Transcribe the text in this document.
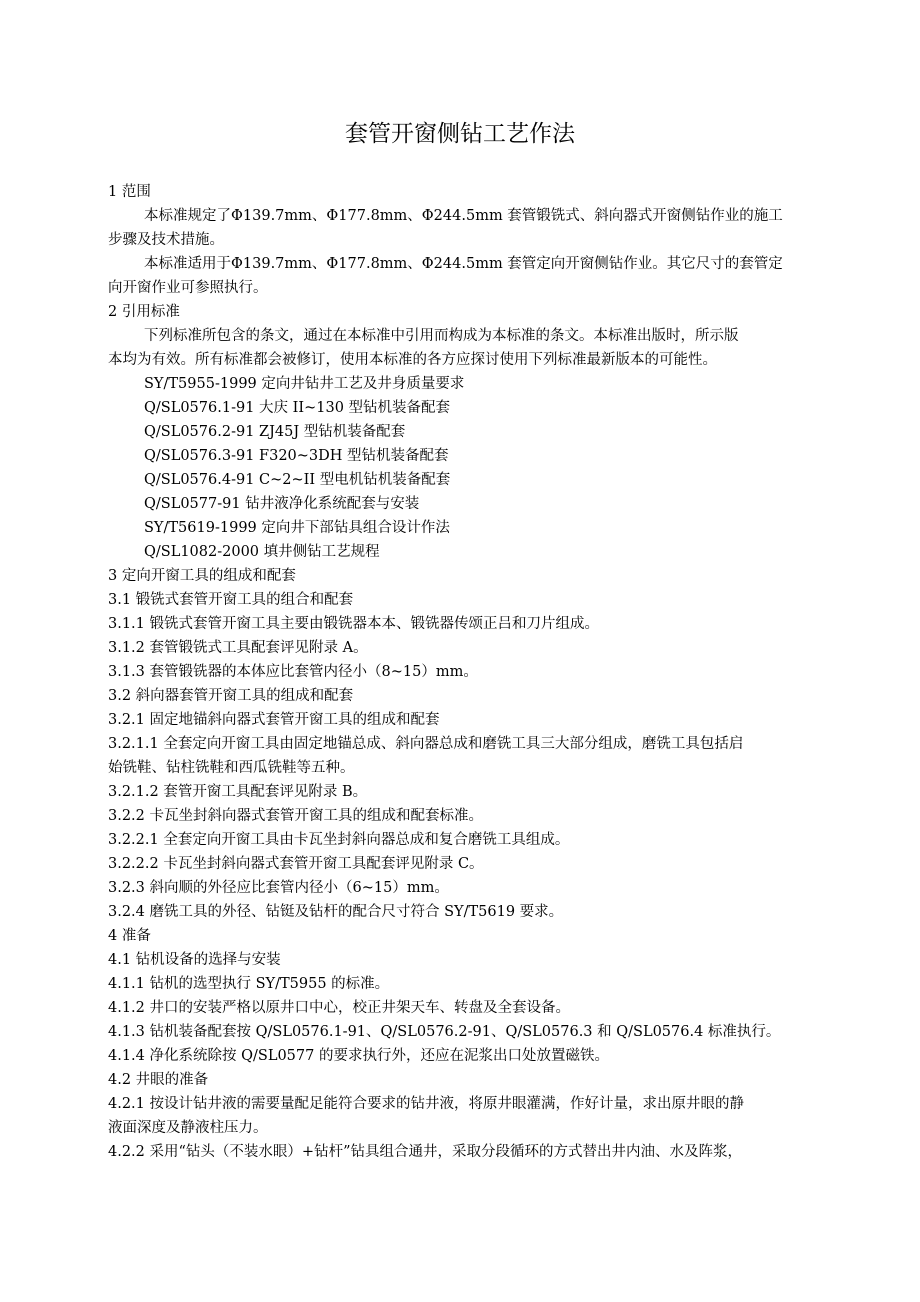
套管开窗侧钻工艺作法
1 范围
本标准规定了Φ139.7mm、Φ177.8mm、Φ244.5mm 套管锻铣式、斜向器式开窗侧钻作业的施工
步骤及技术措施。
本标准适用于Φ139.7mm、Φ177.8mm、Φ244.5mm 套管定向开窗侧钻作业。其它尺寸的套管定
向开窗作业可参照执行。
2 引用标准
下列标准所包含的条文，通过在本标准中引用而构成为本标准的条文。本标准出版时，所示版
本均为有效。所有标准都会被修订，使用本标准的各方应探讨使用下列标准最新版本的可能性。
SY/T5955-1999 定向井钻井工艺及井身质量要求
Q/SL0576.1-91 大庆 II~130 型钻机装备配套
Q/SL0576.2-91 ZJ45J 型钻机装备配套
Q/SL0576.3-91 F320~3DH 型钻机装备配套
Q/SL0576.4-91 C~2~II 型电机钻机装备配套
Q/SL0577-91 钻井液净化系统配套与安装
SY/T5619-1999 定向井下部钻具组合设计作法
Q/SL1082-2000 填井侧钻工艺规程
3 定向开窗工具的组成和配套
3.1 锻铣式套管开窗工具的组合和配套
3.1.1 锻铣式套管开窗工具主要由锻铣器本本、锻铣器传颂正吕和刀片组成。
3.1.2 套管锻铣式工具配套评见附录 A。
3.1.3 套管锻铣器的本体应比套管内径小（8~15）mm。
3.2 斜向器套管开窗工具的组成和配套
3.2.1 固定地锚斜向器式套管开窗工具的组成和配套
3.2.1.1 全套定向开窗工具由固定地锚总成、斜向器总成和磨铣工具三大部分组成，磨铣工具包括启
始铣鞋、钻柱铣鞋和西瓜铣鞋等五种。
3.2.1.2 套管开窗工具配套评见附录 B。
3.2.2 卡瓦坐封斜向器式套管开窗工具的组成和配套标准。
3.2.2.1 全套定向开窗工具由卡瓦坐封斜向器总成和复合磨铣工具组成。
3.2.2.2 卡瓦坐封斜向器式套管开窗工具配套评见附录 C。
3.2.3 斜向顺的外径应比套管内径小（6~15）mm。
3.2.4 磨铣工具的外径、钻铤及钻杆的配合尺寸符合 SY/T5619 要求。
4 准备
4.1 钻机设备的选择与安装
4.1.1 钻机的选型执行 SY/T5955 的标准。
4.1.2 井口的安装严格以原井口中心，校正井架天车、转盘及全套设备。
4.1.3 钻机装备配套按 Q/SL0576.1-91、Q/SL0576.2-91、Q/SL0576.3 和 Q/SL0576.4 标准执行。
4.1.4 净化系统除按 Q/SL0577 的要求执行外，还应在泥浆出口处放置磁铁。
4.2 井眼的准备
4.2.1 按设计钻井液的需要量配足能符合要求的钻井液，将原井眼灌满，作好计量，求出原井眼的静
液面深度及静液柱压力。
4.2.2 采用“钻头（不装水眼）+钻杆”钻具组合通井，采取分段循环的方式替出井内油、水及阵浆，
